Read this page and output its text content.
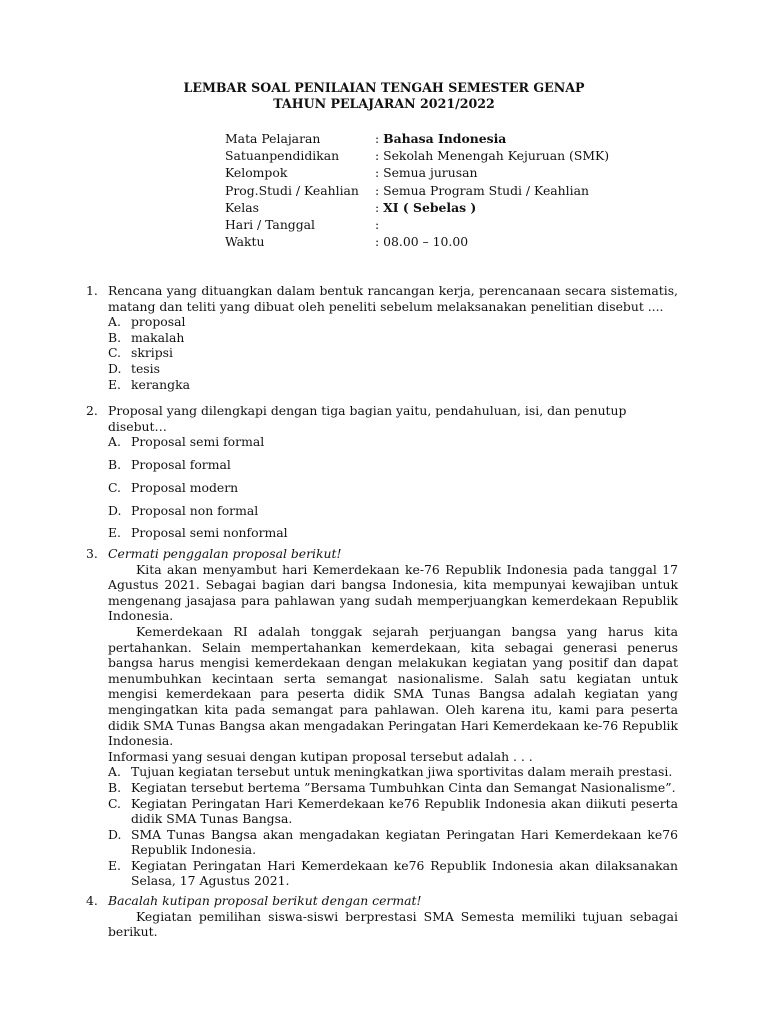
LEMBAR SOAL PENILAIAN TENGAH SEMESTER GENAP
TAHUN PELAJARAN 2021/2022
Mata Pelajaran	: Bahasa Indonesia
Satuanpendidikan	: Sekolah Menengah Kejuruan (SMK)
Kelompok	: Semua jurusan
Prog.Studi / Keahlian	: Semua Program Studi / Keahlian
Kelas	: XI ( Sebelas )
Hari / Tanggal	:
Waktu	: 08.00 – 10.00
1. Rencana yang dituangkan dalam bentuk rancangan kerja, perencanaan secara sistematis, matang dan teliti yang dibuat oleh peneliti sebelum melaksanakan penelitian disebut ....
A. proposal
B. makalah
C. skripsi
D. tesis
E. kerangka
2. Proposal yang dilengkapi dengan tiga bagian yaitu, pendahuluan, isi, dan penutup disebut…
A. Proposal semi formal
B. Proposal formal
C. Proposal modern
D. Proposal non formal
E. Proposal semi nonformal
3. Cermati penggalan proposal berikut!
Kita akan menyambut hari Kemerdekaan ke-76 Republik Indonesia pada tanggal 17 Agustus 2021. Sebagai bagian dari bangsa Indonesia, kita mempunyai kewajiban untuk mengenang jasajasa para pahlawan yang sudah memperjuangkan kemerdekaan Republik Indonesia.
Kemerdekaan RI adalah tonggak sejarah perjuangan bangsa yang harus kita pertahankan. Selain mempertahankan kemerdekaan, kita sebagai generasi penerus bangsa harus mengisi kemerdekaan dengan melakukan kegiatan yang positif dan dapat menumbuhkan kecintaan serta semangat nasionalisme. Salah satu kegiatan untuk mengisi kemerdekaan para peserta didik SMA Tunas Bangsa adalah kegiatan yang mengingatkan kita pada semangat para pahlawan. Oleh karena itu, kami para peserta didik SMA Tunas Bangsa akan mengadakan Peringatan Hari Kemerdekaan ke-76 Republik
Indonesia.
Informasi yang sesuai dengan kutipan proposal tersebut adalah . . .
A. Tujuan kegiatan tersebut untuk meningkatkan jiwa sportivitas dalam meraih prestasi.
B. Kegiatan tersebut bertema ”Bersama Tumbuhkan Cinta dan Semangat Nasionalisme”.
C. Kegiatan Peringatan Hari Kemerdekaan ke76 Republik Indonesia akan diikuti peserta didik SMA Tunas Bangsa.
D. SMA Tunas Bangsa akan mengadakan kegiatan Peringatan Hari Kemerdekaan ke76 Republik Indonesia.
E. Kegiatan Peringatan Hari Kemerdekaan ke76 Republik Indonesia akan dilaksanakan Selasa, 17 Agustus 2021.
4. Bacalah kutipan proposal berikut dengan cermat!
Kegiatan pemilihan siswa-siswi berprestasi SMA Semesta memiliki tujuan sebagai berikut.
